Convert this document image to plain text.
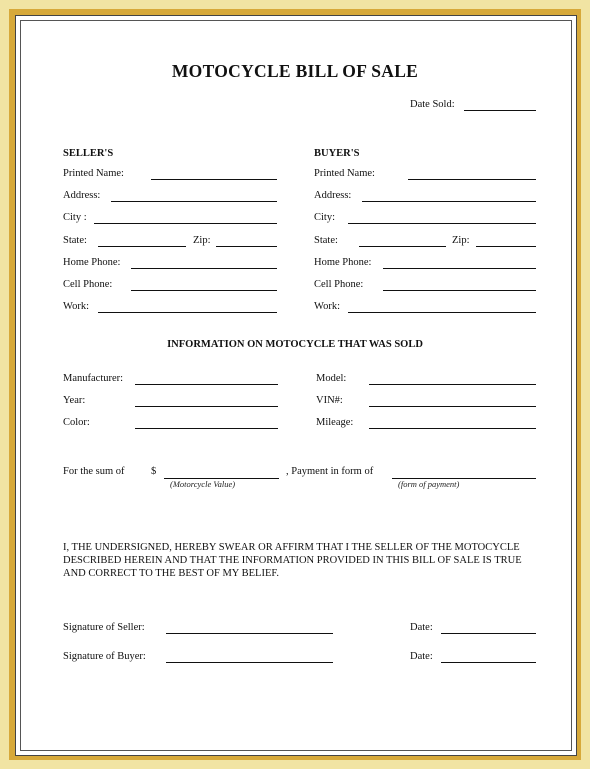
MOTOCYCLE BILL OF SALE
Date Sold:
SELLER'S
Printed Name:
Address:
City :
State:	Zip:
Home Phone:
Cell Phone:
Work:
BUYER'S
Printed Name:
Address:
City:
State:	Zip:
Home Phone:
Cell Phone:
Work:
INFORMATION ON MOTOCYCLE THAT WAS SOLD
Manufacturer:
Year:
Color:
Model:
VIN#:
Mileage:
For the sum of	$
(Motorcycle Value)
, Payment in form of
(form of payment)
I, THE UNDERSIGNED, HEREBY SWEAR OR AFFIRM THAT I THE SELLER OF THE MOTOCYCLE DESCRIBED HEREIN AND THAT THE INFORMATION PROVIDED IN THIS BILL OF SALE IS TRUE AND CORRECT TO THE BEST OF MY BELIEF.
Signature of Seller:	Date:
Signature of Buyer:	Date:
